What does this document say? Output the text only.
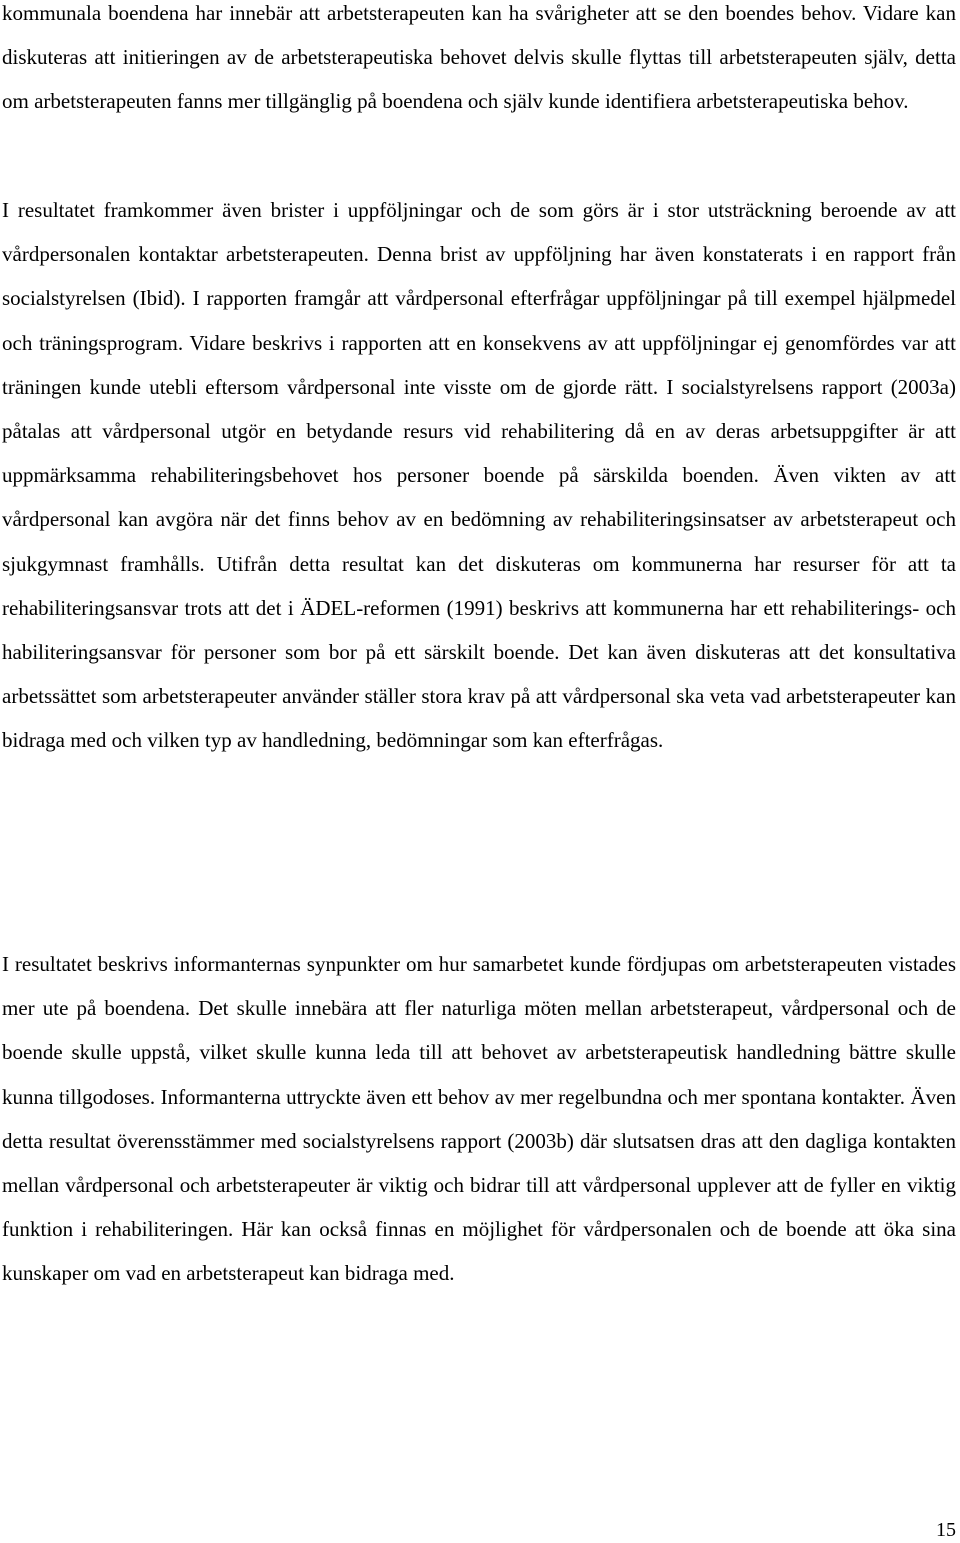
kommunala boendena har innebär att arbetsterapeuten kan ha svårigheter att se den boendes behov. Vidare kan diskuteras att initieringen av de arbetsterapeutiska behovet delvis skulle flyttas till arbetsterapeuten själv, detta om arbetsterapeuten fanns mer tillgänglig på boendena och själv kunde identifiera arbetsterapeutiska behov.

I resultatet framkommer även brister i uppföljningar och de som görs är i stor utsträckning beroende av att vårdpersonalen kontaktar arbetsterapeuten. Denna brist av uppföljning har även konstaterats i en rapport från socialstyrelsen (Ibid). I rapporten framgår att vårdpersonal efterfrågar uppföljningar på till exempel hjälpmedel och träningsprogram. Vidare beskrivs i rapporten att en konsekvens av att uppföljningar ej genomfördes var att träningen kunde utebli eftersom vårdpersonal inte visste om de gjorde rätt. I socialstyrelsens rapport (2003a) påtalas att vårdpersonal utgör en betydande resurs vid rehabilitering då en av deras arbetsuppgifter är att uppmärksamma rehabiliteringsbehovet hos personer boende på särskilda boenden. Även vikten av att vårdpersonal kan avgöra när det finns behov av en bedömning av rehabiliteringsinsatser av arbetsterapeut och sjukgymnast framhålls. Utifrån detta resultat kan det diskuteras om kommunerna har resurser för att ta rehabiliteringsansvar trots att det i ÄDEL-reformen (1991) beskrivs att kommunerna har ett rehabiliterings- och habiliteringsansvar för personer som bor på ett särskilt boende. Det kan även diskuteras att det konsultativa arbetssättet som arbetsterapeuter använder ställer stora krav på att vårdpersonal ska veta vad arbetsterapeuter kan bidraga med och vilken typ av handledning, bedömningar som kan efterfrågas.

I resultatet beskrivs informanternas synpunkter om hur samarbetet kunde fördjupas om arbetsterapeuten vistades mer ute på boendena. Det skulle innebära att fler naturliga möten mellan arbetsterapeut, vårdpersonal och de boende skulle uppstå, vilket skulle kunna leda till att behovet av arbetsterapeutisk handledning bättre skulle kunna tillgodoses. Informanterna uttryckte även ett behov av mer regelbundna och mer spontana kontakter. Även detta resultat överensstämmer med socialstyrelsens rapport (2003b) där slutsatsen dras att den dagliga kontakten mellan vårdpersonal och arbetsterapeuter är viktig och bidrar till att vårdpersonal upplever att de fyller en viktig funktion i rehabiliteringen. Här kan också finnas en möjlighet för vårdpersonalen och de boende att öka sina kunskaper om vad en arbetsterapeut kan bidraga med.

15
